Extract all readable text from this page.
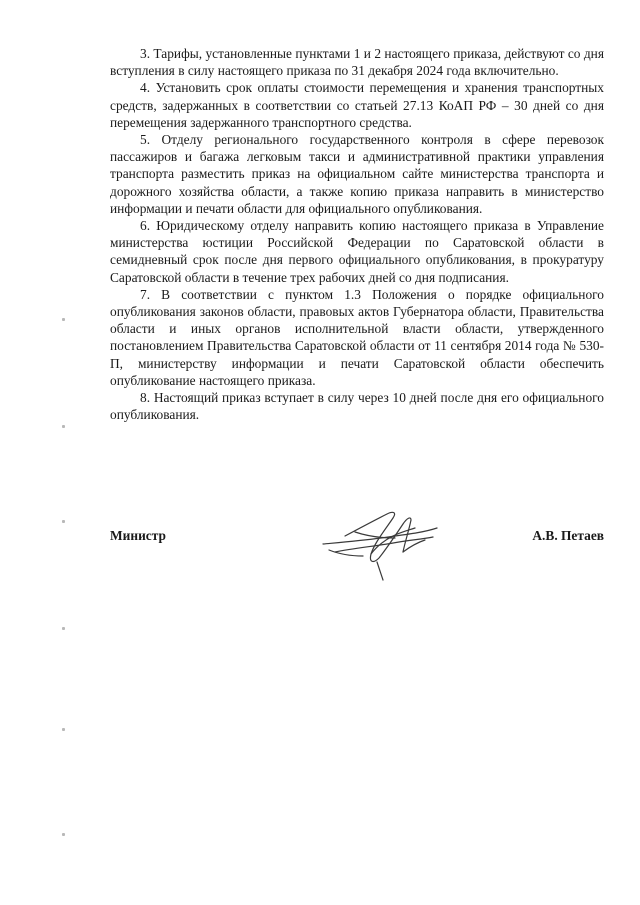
3. Тарифы, установленные пунктами 1 и 2 настоящего приказа, действуют со дня вступления в силу настоящего приказа по 31 декабря 2024 года включительно.

4. Установить срок оплаты стоимости перемещения и хранения транспортных средств, задержанных в соответствии со статьей 27.13 КоАП РФ – 30 дней со дня перемещения задержанного транспортного средства.

5. Отделу регионального государственного контроля в сфере перевозок пассажиров и багажа легковым такси и административной практики управления транспорта разместить приказ на официальном сайте министерства транспорта и дорожного хозяйства области, а также копию приказа направить в министерство информации и печати области для официального опубликования.

6. Юридическому отделу направить копию настоящего приказа в Управление министерства юстиции Российской Федерации по Саратовской области в семидневный срок после дня первого официального опубликования, в прокуратуру Саратовской области в течение трех рабочих дней со дня подписания.

7. В соответствии с пунктом 1.3 Положения о порядке официального опубликования законов области, правовых актов Губернатора области, Правительства области и иных органов исполнительной власти области, утвержденного постановлением Правительства Саратовской области от 11 сентября 2014 года № 530-П, министерству информации и печати Саратовской области обеспечить опубликование настоящего приказа.

8. Настоящий приказ вступает в силу через 10 дней после дня его официального опубликования.

Министр	А.В. Петаев
